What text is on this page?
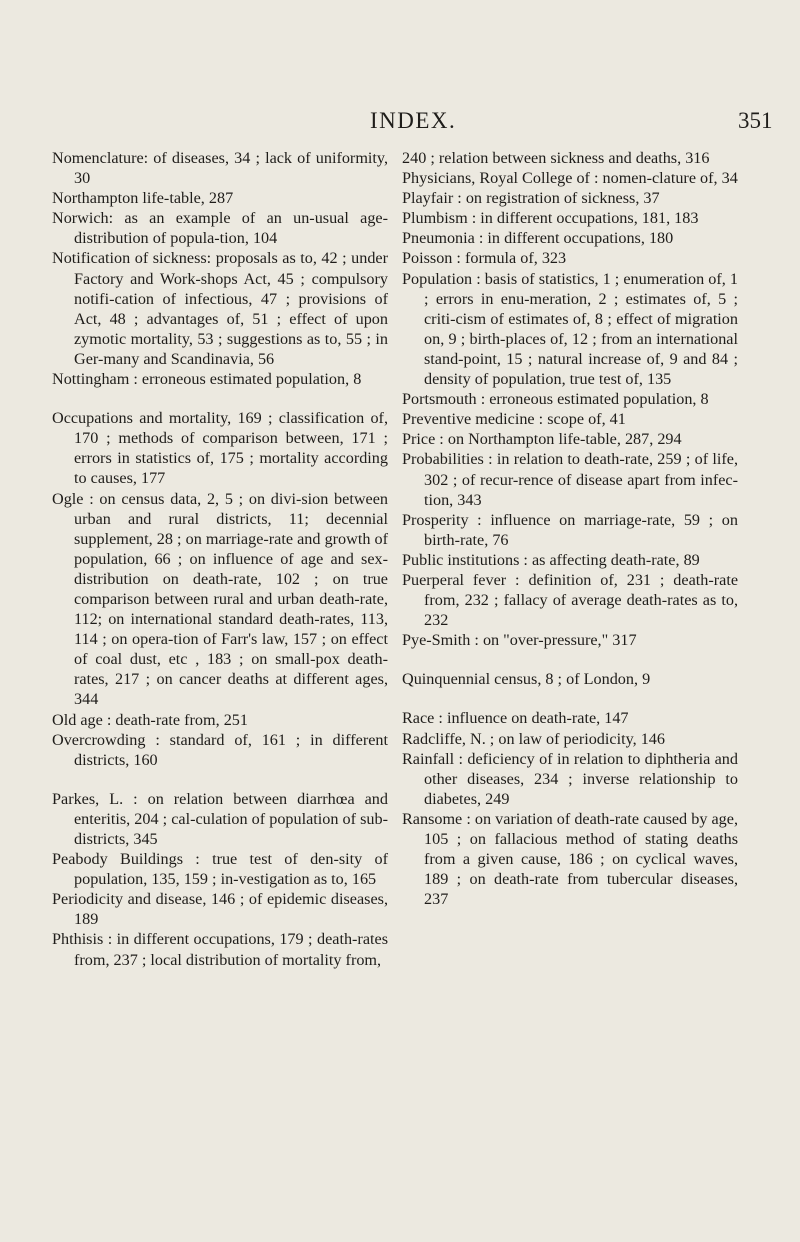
INDEX.	351

Nomenclature: of diseases, 34 ; lack of uniformity, 30

Northampton life-table, 287

Norwich: as an example of an un-usual age-distribution of popula-tion, 104

Notification of sickness: proposals as to, 42 ; under Factory and Work-shops Act, 45 ; compulsory notifi-cation of infectious, 47 ; provisions of Act, 48 ; advantages of, 51 ; effect of upon zymotic mortality, 53 ; suggestions as to, 55 ; in Ger-many and Scandinavia, 56

Nottingham : erroneous estimated population, 8

Occupations and mortality, 169 ; classification of, 170 ; methods of comparison between, 171 ; errors in statistics of, 175 ; mortality according to causes, 177

Ogle : on census data, 2, 5 ; on divi-sion between urban and rural districts, 11; decennial supplement, 28 ; on marriage-rate and growth of population, 66 ; on influence of age and sex-distribution on death-rate, 102 ; on true comparison between rural and urban death-rate, 112; on international standard death-rates, 113, 114 ; on opera-tion of Farr's law, 157 ; on effect of coal dust, etc , 183 ; on small-pox death-rates, 217 ; on cancer deaths at different ages, 344

Old age : death-rate from, 251

Overcrowding : standard of, 161 ; in different districts, 160

Parkes, L. : on relation between diarrhœa and enteritis, 204 ; cal-culation of population of sub-districts, 345

Peabody Buildings : true test of den-sity of population, 135, 159 ; in-vestigation as to, 165

Periodicity and disease, 146 ; of epidemic diseases, 189

Phthisis : in different occupations, 179 ; death-rates from, 237 ; local distribution of mortality from,

240 ; relation between sickness and deaths, 316

Physicians, Royal College of : nomen-clature of, 34

Playfair : on registration of sickness, 37

Plumbism : in different occupations, 181, 183

Pneumonia : in different occupations, 180

Poisson : formula of, 323

Population : basis of statistics, 1 ; enumeration of, 1 ; errors in enu-meration, 2 ; estimates of, 5 ; criti-cism of estimates of, 8 ; effect of migration on, 9 ; birth-places of, 12 ; from an international stand-point, 15 ; natural increase of, 9 and 84 ; density of population, true test of, 135

Portsmouth : erroneous estimated population, 8

Preventive medicine : scope of, 41

Price : on Northampton life-table, 287, 294

Probabilities : in relation to death-rate, 259 ; of life, 302 ; of recur-rence of disease apart from infec-tion, 343

Prosperity : influence on marriage-rate, 59 ; on birth-rate, 76

Public institutions : as affecting death-rate, 89

Puerperal fever : definition of, 231 ; death-rate from, 232 ; fallacy of average death-rates as to, 232

Pye-Smith : on "over-pressure," 317

Quinquennial census, 8 ; of London, 9

Race : influence on death-rate, 147

Radcliffe, N. ; on law of periodicity, 146

Rainfall : deficiency of in relation to diphtheria and other diseases, 234 ; inverse relationship to diabetes, 249

Ransome : on variation of death-rate caused by age, 105 ; on fallacious method of stating deaths from a given cause, 186 ; on cyclical waves, 189 ; on death-rate from tubercular diseases, 237
